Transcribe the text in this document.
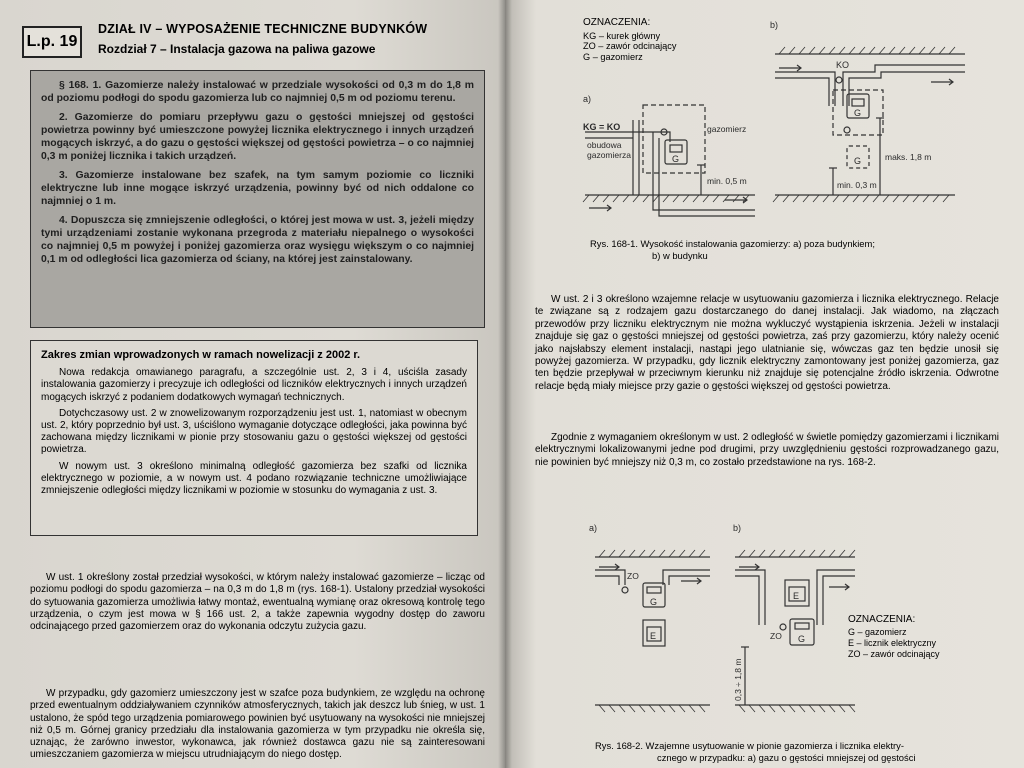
L.p. 19
DZIAŁ IV – WYPOSAŻENIE TECHNICZNE BUDYNKÓW
Rozdział 7 – Instalacja gazowa na paliwa gazowe

§ 168. 1. Gazomierze należy instalować w przedziale wysokości od 0,3 m do 1,8 m od poziomu podłogi do spodu gazomierza lub co najmniej 0,5 m od poziomu terenu.

2. Gazomierze do pomiaru przepływu gazu o gęstości mniejszej od gęstości powietrza powinny być umieszczone powyżej licznika elektrycznego i innych urządzeń mogących iskrzyć, a do gazu o gęstości większej od gęstości powietrza – o co najmniej 0,3 m poniżej licznika i takich urządzeń.

3. Gazomierze instalowane bez szafek, na tym samym poziomie co liczniki elektryczne lub inne mogące iskrzyć urządzenia, powinny być od nich oddalone co najmniej o 1 m.

4. Dopuszcza się zmniejszenie odległości, o której jest mowa w ust. 3, jeżeli między tymi urządzeniami zostanie wykonana przegroda z materiału niepalnego o wysokości co najmniej 0,5 m powyżej i poniżej gazomierza oraz wysięgu większym o co najmniej 0,1 m od odległości lica gazomierza od ściany, na której jest zainstalowany.

Zakres zmian wprowadzonych w ramach nowelizacji z 2002 r.

Nowa redakcja omawianego paragrafu, a szczególnie ust. 2, 3 i 4, uściśla zasady instalowania gazomierzy i precyzuje ich odległości od liczników elektrycznych i innych urządzeń mogących iskrzyć z podaniem dodatkowych wymagań technicznych.

Dotychczasowy ust. 2 w znowelizowanym rozporządzeniu jest ust. 1, natomiast w obecnym ust. 2, który poprzednio był ust. 3, uściślono wymaganie dotyczące odległości, jaka powinna być zachowana między licznikami w pionie przy stosowaniu gazu o gęstości większej od gęstości powietrza.

W nowym ust. 3 określono minimalną odległość gazomierza bez szafki od licznika elektrycznego w poziomie, a w nowym ust. 4 podano rozwiązanie techniczne umożliwiające zmniejszenie odległości między licznikami w poziomie w stosunku do wymagania z ust. 3.

W ust. 1 określony został przedział wysokości, w którym należy instalować gazomierze – licząc od poziomu podłogi do spodu gazomierza – na 0,3 m do 1,8 m (rys. 168-1). Ustalony przedział wysokości do sytuowania gazomierza umożliwia łatwy montaż, ewentualną wymianę oraz okresową kontrolę tego urządzenia, o czym jest mowa w § 166 ust. 2, a także zapewnia wygodny dostęp do zaworu odcinającego przed gazomierzem oraz do wykonania odczytu zużycia gazu.

W przypadku, gdy gazomierz umieszczony jest w szafce poza budynkiem, ze względu na ochronę przed ewentualnym oddziaływaniem czynników atmosferycznych, takich jak deszcz lub śnieg, w ust. 1 ustalono, że spód tego urządzenia pomiarowego powinien być usytuowany na wysokości nie mniejszej niż 0,5 m. Górnej granicy przedziału dla instalowania gazomierza w tym przypadku nie określa się, uznając, że zarówno inwestor, wykonawca, jak również dostawca gazu nie są zainteresowani umieszczaniem gazomierza w miejscu utrudniającym do niego dostęp.

OZNACZENIA:
KG – kurek główny
ZO – zawór odcinający
G – gazomierz
a)
b)
KG = KO
KO
obudowa
gazomierza
gazomierz
min. 0,5 m
maks. 1,8 m
min. 0,3 m
G
G
G
Rys. 168-1. Wysokość instalowania gazomierzy: a) poza budynkiem;
b) w budynku

W ust. 2 i 3 określono wzajemne relacje w usytuowaniu gazomierza i licznika elektrycznego. Relacje te związane są z rodzajem gazu dostarczanego do danej instalacji. Jak wiadomo, na złączach przewodów przy liczniku elektrycznym nie można wykluczyć wystąpienia iskrzenia. Jeżeli w instalacji znajduje się gaz o gęstości mniejszej od gęstości powietrza, zaś przy gazomierzu, który należy ocenić jako najsłabszy element instalacji, nastąpi jego ulatnianie się, wówczas gaz ten będzie unosił się powyżej gazomierza. W przypadku, gdy licznik elektryczny zamontowany jest poniżej gazomierza, gaz ten będzie przepływał w przeciwnym kierunku niż znajduje się potencjalne źródło iskrzenia. Odwrotne relacje będą miały miejsce przy gazie o gęstości większej od gęstości powietrza.

Zgodnie z wymaganiem określonym w ust. 2 odległość w świetle pomiędzy gazomierzami i licznikami elektrycznymi lokalizowanymi jedne pod drugimi, przy uwzględnieniu gęstości rozprowadzanego gazu, nie powinien być mniejszy niż 0,3 m, co zostało przedstawione na rys. 168-2.

a)	b)
ZO
ZO
G
E
E
G
0,3 ÷ 1,8 m
OZNACZENIA:
G – gazomierz
E – licznik elektryczny
ZO – zawór odcinający
Rys. 168-2. Wzajemne usytuowanie w pionie gazomierza i licznika elektry-
cznego w przypadku: a) gazu o gęstości mniejszej od gęstości
